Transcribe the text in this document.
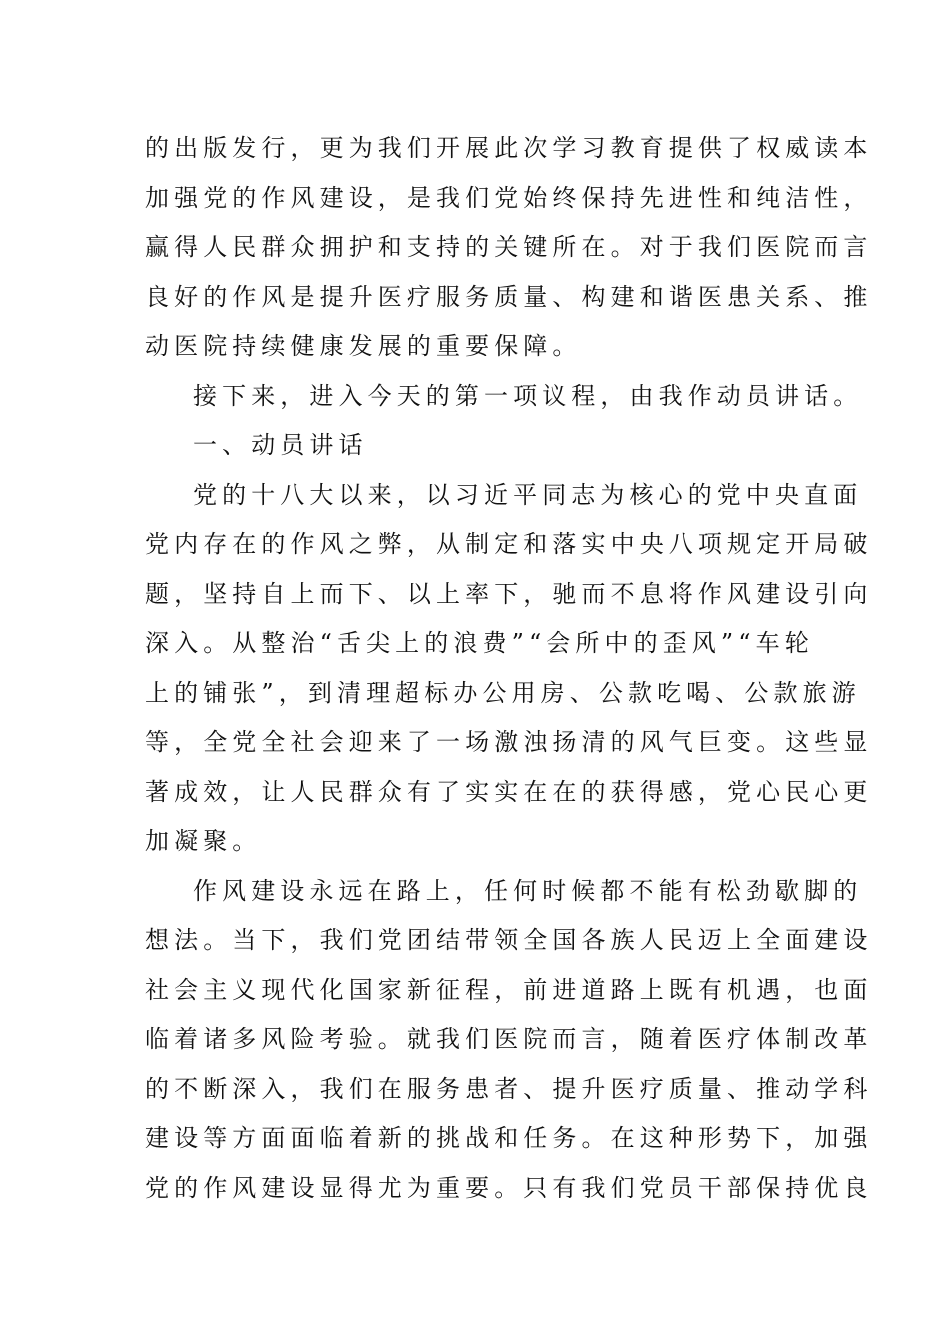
的出版发行，更为我们开展此次学习教育提供了权威读本
加强党的作风建设，是我们党始终保持先进性和纯洁性，
赢得人民群众拥护和支持的关键所在。对于我们医院而言
良好的作风是提升医疗服务质量、构建和谐医患关系、推
动医院持续健康发展的重要保障。
接下来，进入今天的第一项议程，由我作动员讲话。
一、动员讲话
党的十八大以来，以习近平同志为核心的党中央直面
党内存在的作风之弊，从制定和落实中央八项规定开局破
题，坚持自上而下、以上率下，驰而不息将作风建设引向
深入。从整治“舌尖上的浪费”“会所中的歪风”“车轮
上的铺张”，到清理超标办公用房、公款吃喝、公款旅游
等，全党全社会迎来了一场激浊扬清的风气巨变。这些显
著成效，让人民群众有了实实在在的获得感，党心民心更
加凝聚。
作风建设永远在路上，任何时候都不能有松劲歇脚的
想法。当下，我们党团结带领全国各族人民迈上全面建设
社会主义现代化国家新征程，前进道路上既有机遇，也面
临着诸多风险考验。就我们医院而言，随着医疗体制改革
的不断深入，我们在服务患者、提升医疗质量、推动学科
建设等方面面临着新的挑战和任务。在这种形势下，加强
党的作风建设显得尤为重要。只有我们党员干部保持优良
